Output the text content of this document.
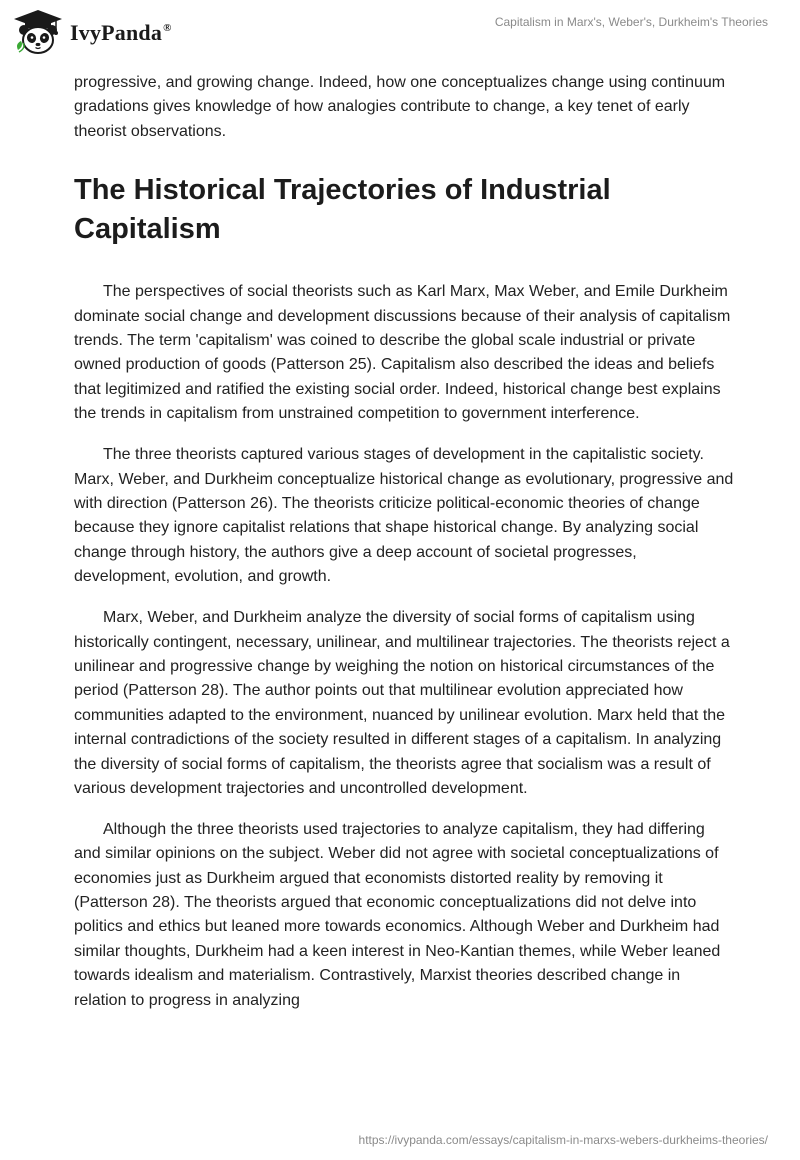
IvyPanda®	Capitalism in Marx's, Weber's, Durkheim's Theories

progressive, and growing change. Indeed, how one conceptualizes change using continuum gradations gives knowledge of how analogies contribute to change, a key tenet of early theorist observations.

The Historical Trajectories of Industrial Capitalism

The perspectives of social theorists such as Karl Marx, Max Weber, and Emile Durkheim dominate social change and development discussions because of their analysis of capitalism trends. The term 'capitalism' was coined to describe the global scale industrial or private owned production of goods (Patterson 25). Capitalism also described the ideas and beliefs that legitimized and ratified the existing social order. Indeed, historical change best explains the trends in capitalism from unstrained competition to government interference.

The three theorists captured various stages of development in the capitalistic society. Marx, Weber, and Durkheim conceptualize historical change as evolutionary, progressive and with direction (Patterson 26). The theorists criticize political-economic theories of change because they ignore capitalist relations that shape historical change. By analyzing social change through history, the authors give a deep account of societal progresses, development, evolution, and growth.

Marx, Weber, and Durkheim analyze the diversity of social forms of capitalism using historically contingent, necessary, unilinear, and multilinear trajectories. The theorists reject a unilinear and progressive change by weighing the notion on historical circumstances of the period (Patterson 28). The author points out that multilinear evolution appreciated how communities adapted to the environment, nuanced by unilinear evolution. Marx held that the internal contradictions of the society resulted in different stages of a capitalism. In analyzing the diversity of social forms of capitalism, the theorists agree that socialism was a result of various development trajectories and uncontrolled development.

Although the three theorists used trajectories to analyze capitalism, they had differing and similar opinions on the subject. Weber did not agree with societal conceptualizations of economies just as Durkheim argued that economists distorted reality by removing it (Patterson 28). The theorists argued that economic conceptualizations did not delve into politics and ethics but leaned more towards economics. Although Weber and Durkheim had similar thoughts, Durkheim had a keen interest in Neo-Kantian themes, while Weber leaned towards idealism and materialism. Contrastively, Marxist theories described change in relation to progress in analyzing

https://ivypanda.com/essays/capitalism-in-marxs-webers-durkheims-theories/
